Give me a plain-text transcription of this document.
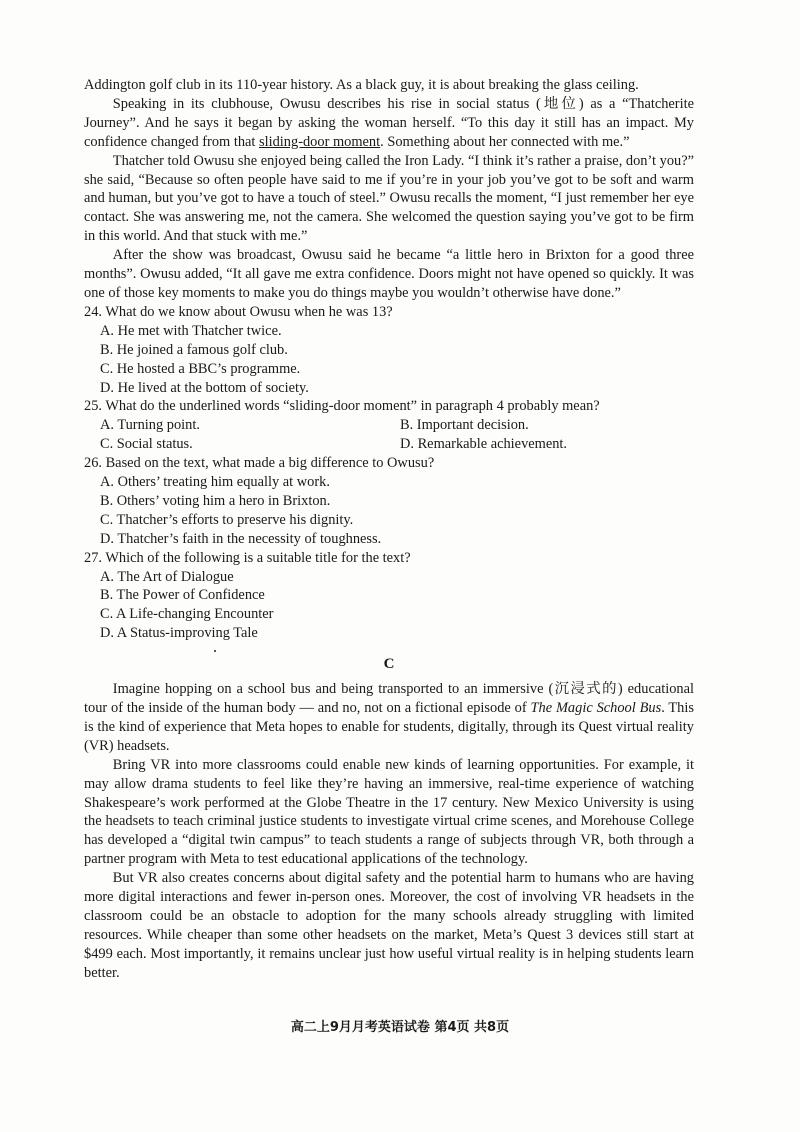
Addington golf club in its 110-year history. As a black guy, it is about breaking the glass ceiling.

Speaking in its clubhouse, Owusu describes his rise in social status (地位) as a “Thatcherite Journey”. And he says it began by asking the woman herself. “To this day it still has an impact. My confidence changed from that sliding-door moment. Something about her connected with me.”

Thatcher told Owusu she enjoyed being called the Iron Lady. “I think it’s rather a praise, don’t you?” she said, “Because so often people have said to me if you’re in your job you’ve got to be soft and warm and human, but you’ve got to have a touch of steel.” Owusu recalls the moment, “I just remember her eye contact. She was answering me, not the camera. She welcomed the question saying you’ve got to be firm in this world. And that stuck with me.”

After the show was broadcast, Owusu said he became “a little hero in Brixton for a good three months”. Owusu added, “It all gave me extra confidence. Doors might not have opened so quickly. It was one of those key moments to make you do things maybe you wouldn’t otherwise have done.”

24. What do we know about Owusu when he was 13?

A. He met with Thatcher twice.

B. He joined a famous golf club.

C. He hosted a BBC’s programme.

D. He lived at the bottom of society.

25. What do the underlined words “sliding-door moment” in paragraph 4 probably mean?

A. Turning point.	B. Important decision.
C. Social status.	D. Remarkable achievement.

26. Based on the text, what made a big difference to Owusu?

A. Others’ treating him equally at work.

B. Others’ voting him a hero in Brixton.

C. Thatcher’s efforts to preserve his dignity.

D. Thatcher’s faith in the necessity of toughness.

27. Which of the following is a suitable title for the text?

A. The Art of Dialogue

B. The Power of Confidence

C. A Life-changing Encounter

D. A Status-improving Tale

C

Imagine hopping on a school bus and being transported to an immersive (沉浸式的) educational tour of the inside of the human body — and no, not on a fictional episode of The Magic School Bus. This is the kind of experience that Meta hopes to enable for students, digitally, through its Quest virtual reality (VR) headsets.

Bring VR into more classrooms could enable new kinds of learning opportunities. For example, it may allow drama students to feel like they’re having an immersive, real-time experience of watching Shakespeare’s work performed at the Globe Theatre in the 17 century. New Mexico University is using the headsets to teach criminal justice students to investigate virtual crime scenes, and Morehouse College has developed a “digital twin campus” to teach students a range of subjects through VR, both through a partner program with Meta to test educational applications of the technology.

But VR also creates concerns about digital safety and the potential harm to humans who are having more digital interactions and fewer in-person ones. Moreover, the cost of involving VR headsets in the classroom could be an obstacle to adoption for the many schools already struggling with limited resources. While cheaper than some other headsets on the market, Meta’s Quest 3 devices still start at $499 each. Most importantly, it remains unclear just how useful virtual reality is in helping students learn better.

高二上9月月考英语试卷 第4页 共8页
